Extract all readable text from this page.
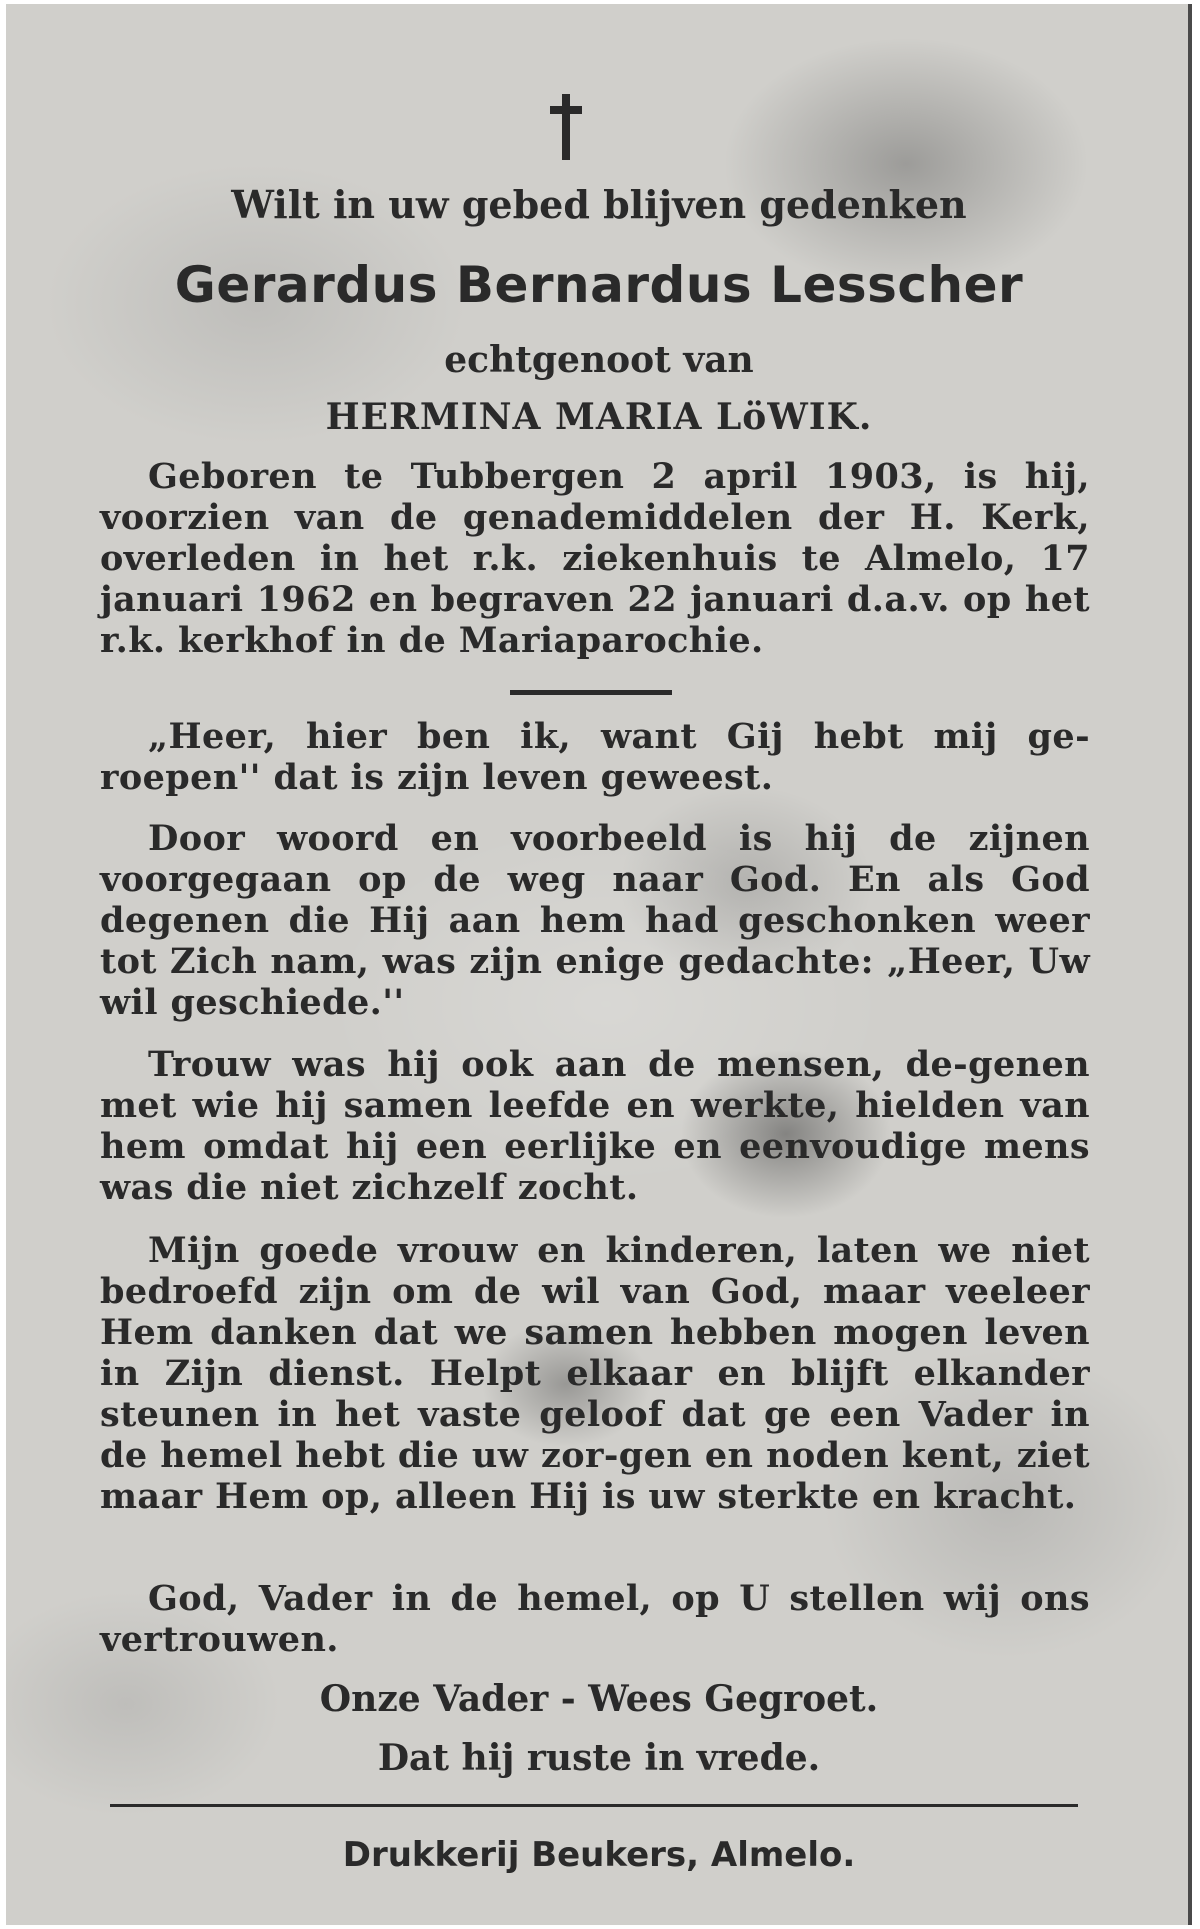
Wilt in uw gebed blijven gedenken

Gerardus Bernardus Lesscher

echtgenoot van

HERMINA MARIA LöWIK.

Geboren te Tubbergen 2 april 1903, is hij, voorzien van de genademiddelen der H. Kerk, overleden in het r.k. ziekenhuis te Almelo, 17 januari 1962 en begraven 22 januari d.a.v. op het r.k. kerkhof in de Mariaparochie.

„Heer, hier ben ik, want Gij hebt mij ge-roepen'' dat is zijn leven geweest.

Door woord en voorbeeld is hij de zijnen voorgegaan op de weg naar God. En als God degenen die Hij aan hem had geschonken weer tot Zich nam, was zijn enige gedachte: „Heer, Uw wil geschiede.''

Trouw was hij ook aan de mensen, de-genen met wie hij samen leefde en werkte, hielden van hem omdat hij een eerlijke en eenvoudige mens was die niet zichzelf zocht.

Mijn goede vrouw en kinderen, laten we niet bedroefd zijn om de wil van God, maar veeleer Hem danken dat we samen hebben mogen leven in Zijn dienst. Helpt elkaar en blijft elkander steunen in het vaste geloof dat ge een Vader in de hemel hebt die uw zor-gen en noden kent, ziet maar Hem op, alleen Hij is uw sterkte en kracht.

God, Vader in de hemel, op U stellen wij ons vertrouwen.

Onze Vader - Wees Gegroet.

Dat hij ruste in vrede.

Drukkerij Beukers, Almelo.
